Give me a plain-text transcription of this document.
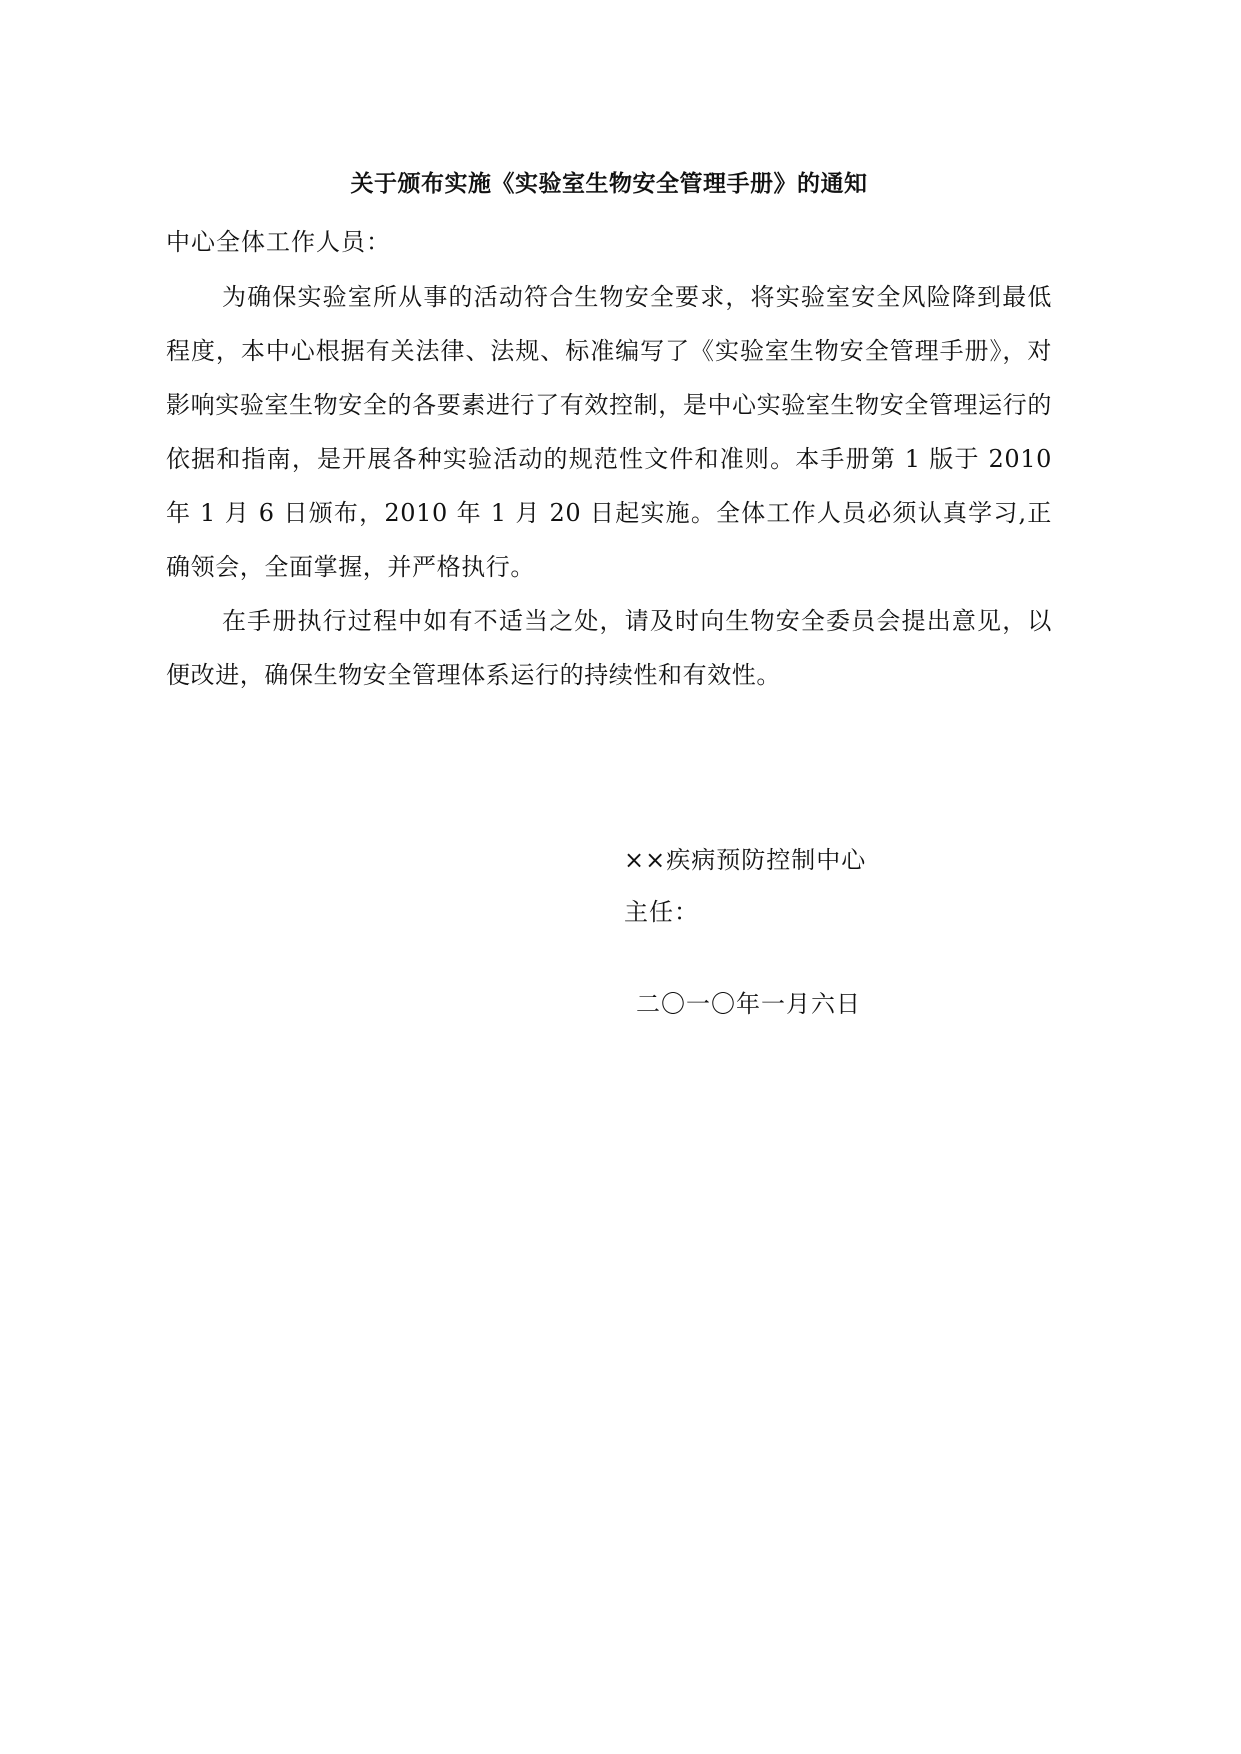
关于颁布实施《实验室生物安全管理手册》的通知

中心全体工作人员：

为确保实验室所从事的活动符合生物安全要求，将实验室安全风险降到最低程度，本中心根据有关法律、法规、标准编写了《实验室生物安全管理手册》，对影响实验室生物安全的各要素进行了有效控制，是中心实验室生物安全管理运行的依据和指南，是开展各种实验活动的规范性文件和准则。本手册第 1 版于 2010 年 1 月 6 日颁布，2010 年 1 月 20 日起实施。全体工作人员必须认真学习,正确领会，全面掌握，并严格执行。

在手册执行过程中如有不适当之处，请及时向生物安全委员会提出意见，以便改进，确保生物安全管理体系运行的持续性和有效性。

××疾病预防控制中心

主任：

二〇一〇年一月六日
